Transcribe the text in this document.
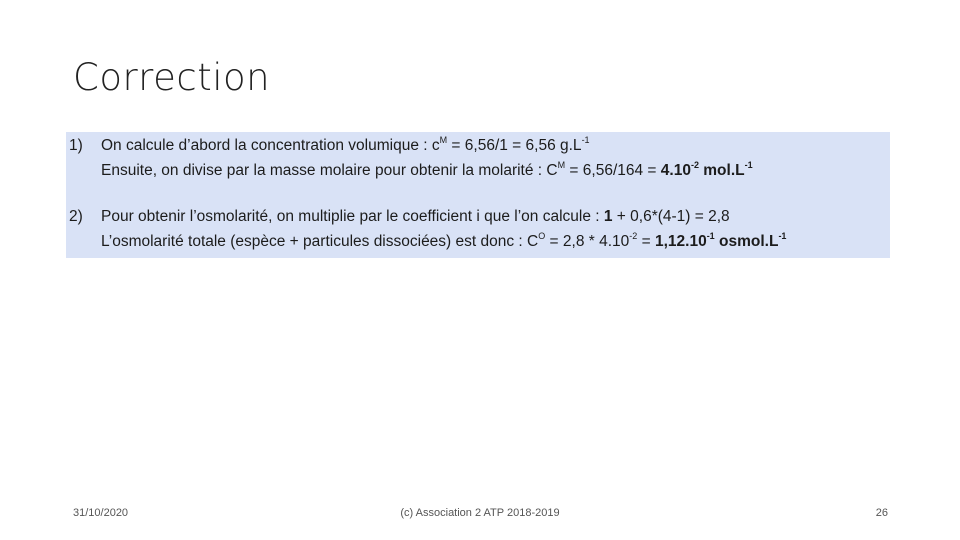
Correction
1) On calcule d’abord la concentration volumique : $c^M = 6,56/1 = 6,56$ $g.L^{-1}$
Ensuite, on divise par la masse molaire pour obtenir la molarité : $C^M = 6,56/164 = 4.10^{-2}$ $mol.L^{-1}$
2) Pour obtenir l’osmolarité, on multiplie par le coefficient i que l’on calcule : 1 + 0,6*(4-1) = 2,8
L’osmolarité totale (espèce + particules dissociées) est donc : $C^O = 2,8 * 4.10^{-2} = 1,12.10^{-1}$ $osmol.L^{-1}$
31/10/2020	(c) Association 2 ATP 2018-2019	26
